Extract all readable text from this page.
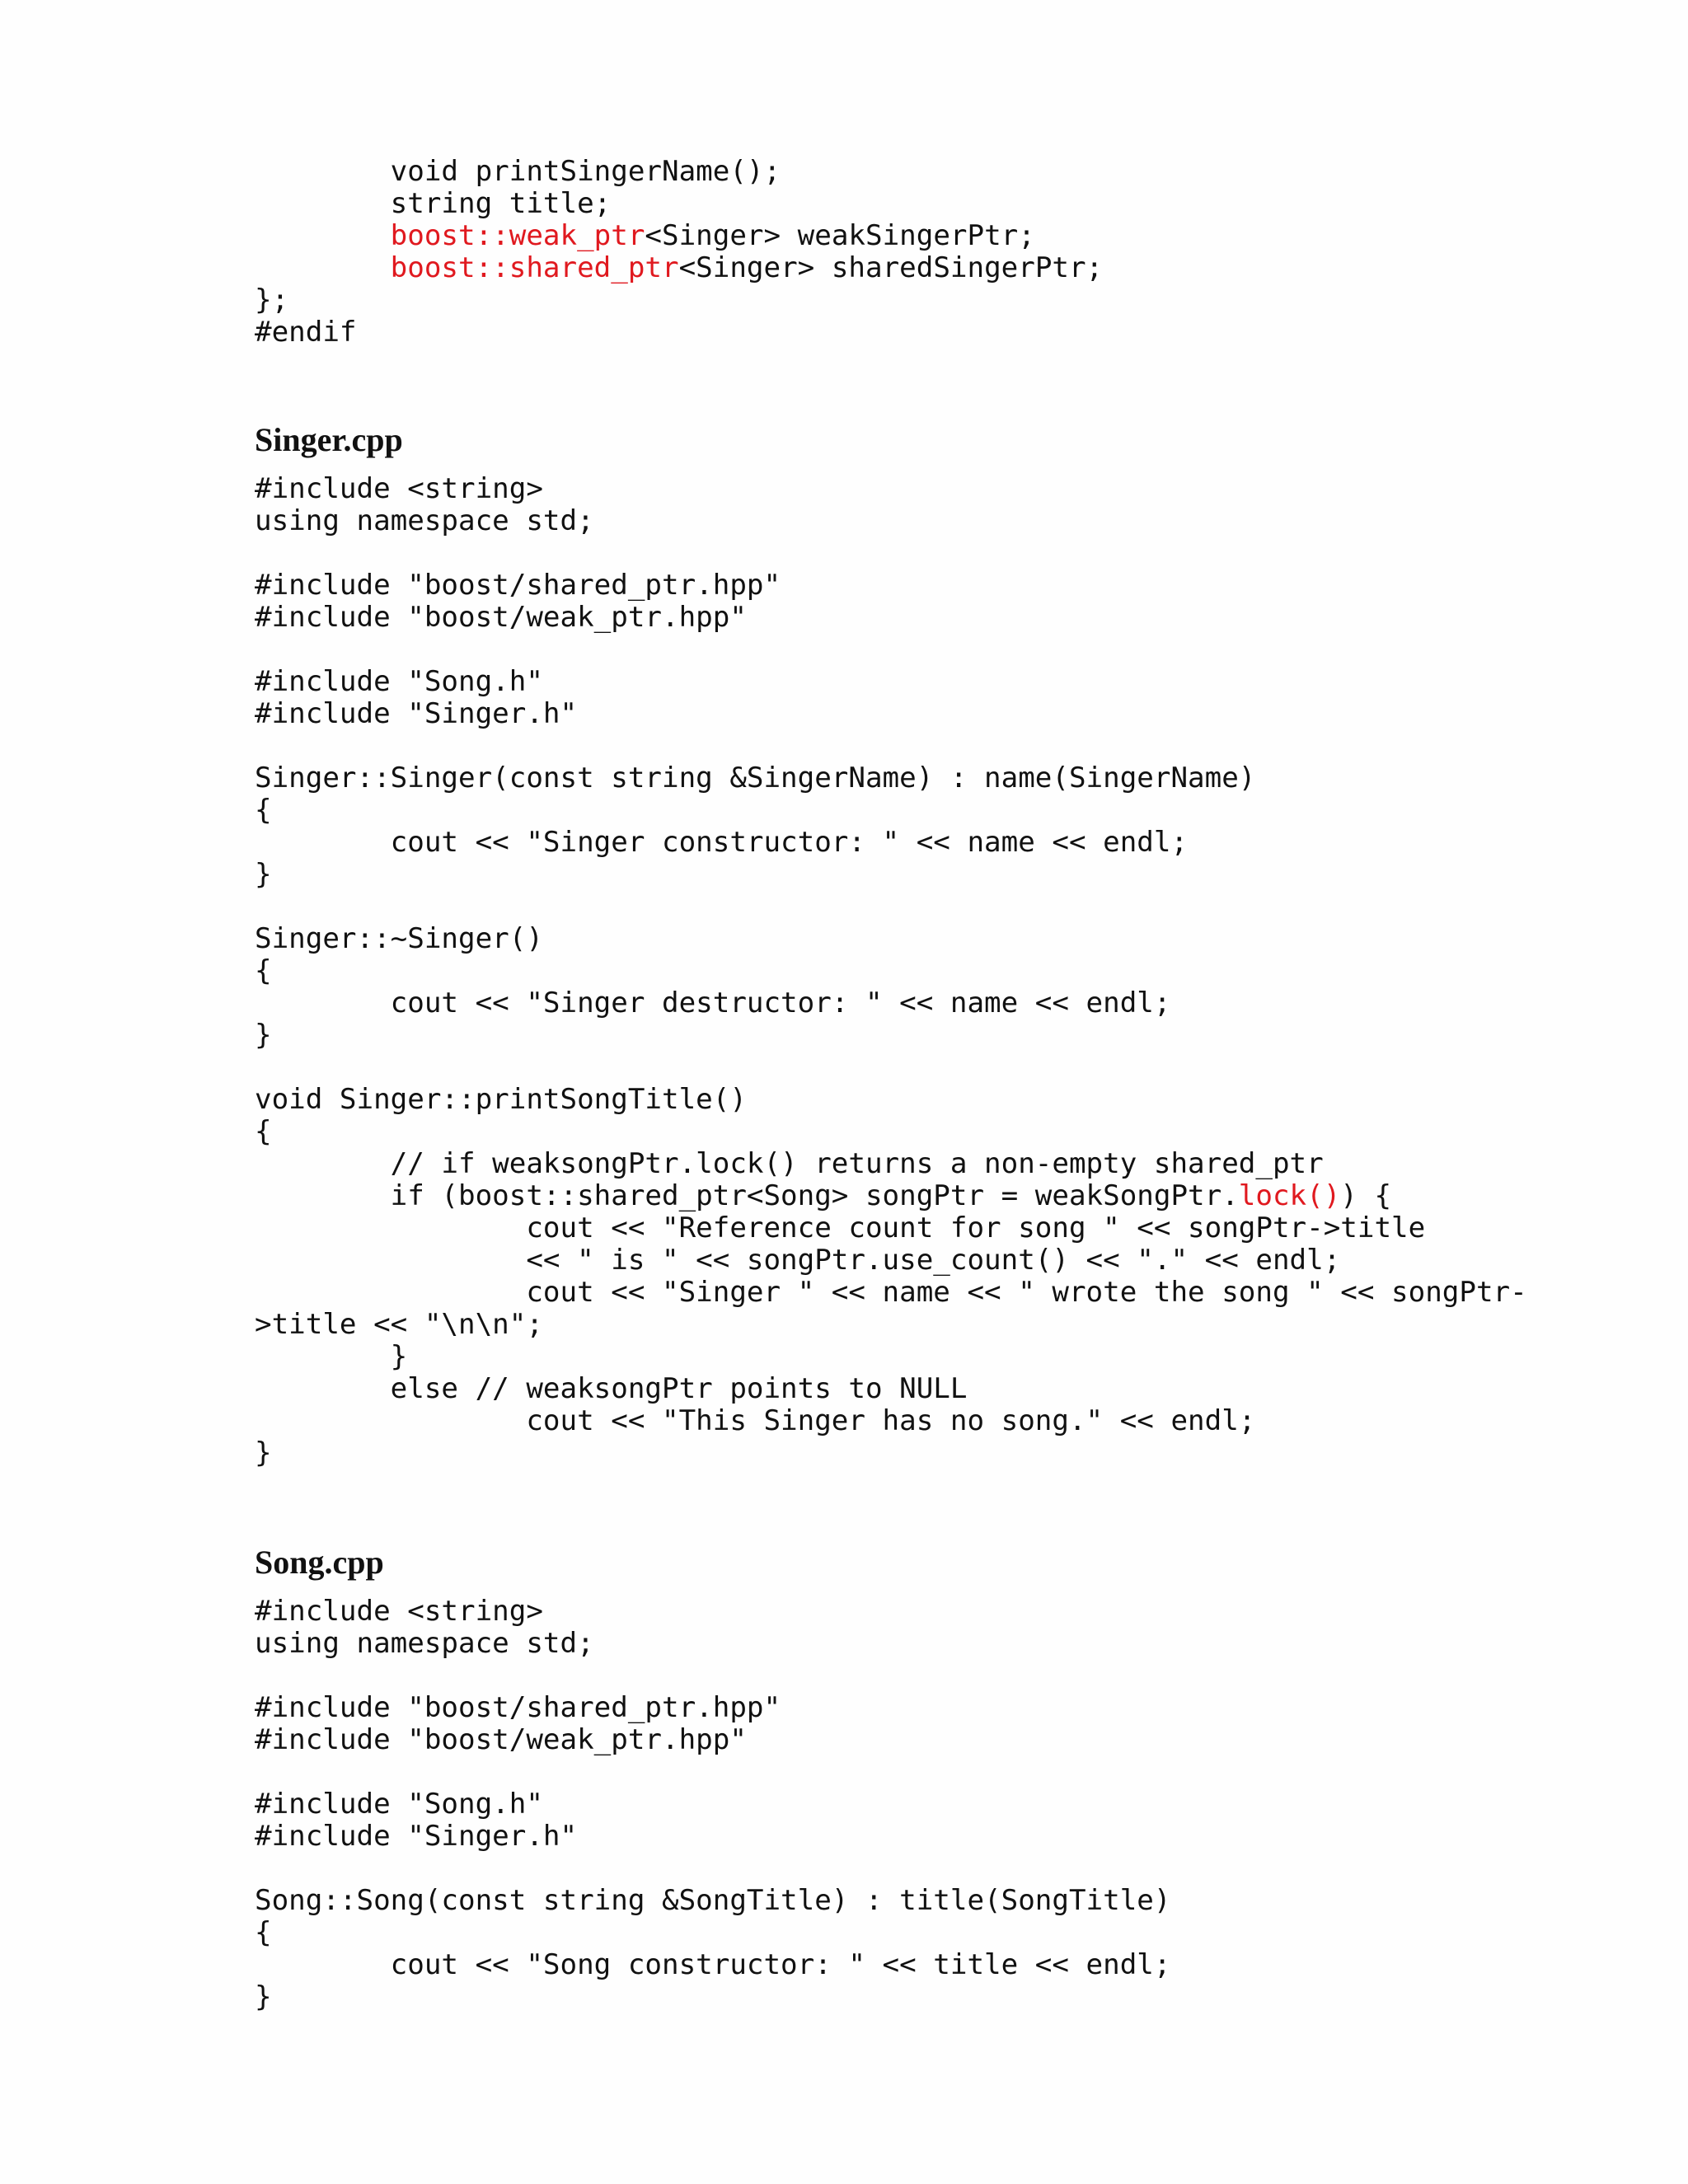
void printSingerName();
string title;
boost::weak_ptr<Singer> weakSingerPtr;
boost::shared_ptr<Singer> sharedSingerPtr;
};
#endif
Singer.cpp
#include <string>
using namespace std;
#include "boost/shared_ptr.hpp"
#include "boost/weak_ptr.hpp"
#include "Song.h"
#include "Singer.h"
Singer::Singer(const string &SingerName) : name(SingerName)
{
cout << "Singer constructor: " << name << endl;
}
Singer::~Singer()
{
cout << "Singer destructor: " << name << endl;
}
void Singer::printSongTitle()
{
// if weaksongPtr.lock() returns a non-empty shared_ptr
if (boost::shared_ptr<Song> songPtr = weakSongPtr.lock()) {
cout << "Reference count for song " << songPtr->title
<< " is " << songPtr.use_count() << "." << endl;
cout << "Singer " << name << " wrote the song " << songPtr-
>title << "\n\n";
}
else // weaksongPtr points to NULL
cout << "This Singer has no song." << endl;
}
Song.cpp
#include <string>
using namespace std;
#include "boost/shared_ptr.hpp"
#include "boost/weak_ptr.hpp"
#include "Song.h"
#include "Singer.h"
Song::Song(const string &SongTitle) : title(SongTitle)
{
cout << "Song constructor: " << title << endl;
}
